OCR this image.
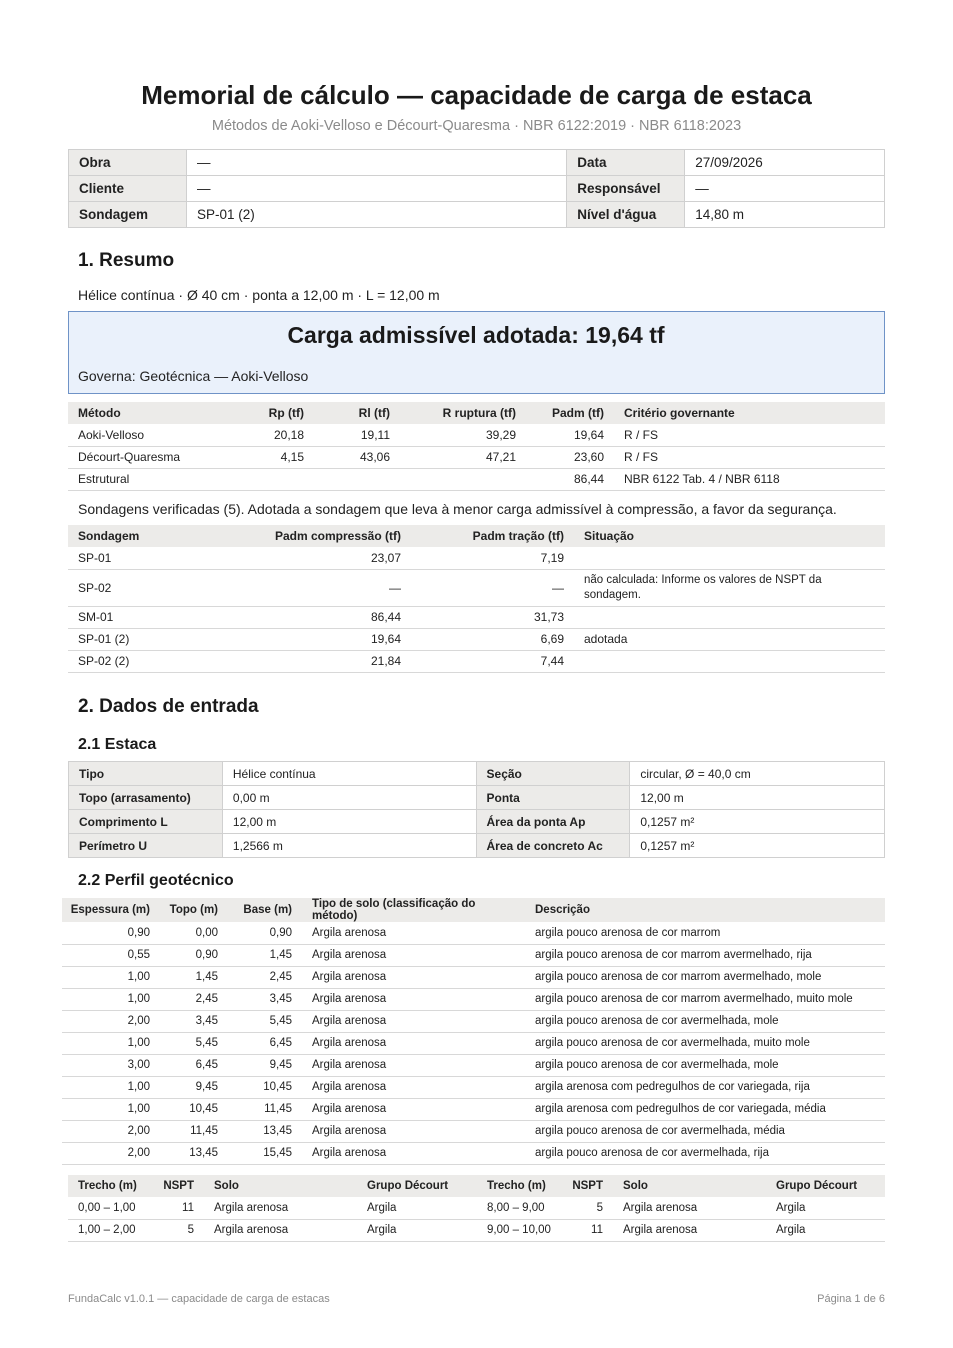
Memorial de cálculo — capacidade de carga de estaca
Métodos de Aoki-Velloso e Décourt-Quaresma · NBR 6122:2019 · NBR 6118:2023
Obra	—	Data	27/09/2026
Cliente	—	Responsável	—
Sondagem	SP-01 (2)	Nível d'água	14,80 m
1. Resumo
Hélice contínua · Ø 40 cm · ponta a 12,00 m · L = 12,00 m
Carga admissível adotada: 19,64 tf
Governa: Geotécnica — Aoki-Velloso
Método	Rp (tf)	Rl (tf)	R ruptura (tf)	Padm (tf)	Critério governante
Aoki-Velloso	20,18	19,11	39,29	19,64	R / FS
Décourt-Quaresma	4,15	43,06	47,21	23,60	R / FS
Estrutural				86,44	NBR 6122 Tab. 4 / NBR 6118
Sondagens verificadas (5). Adotada a sondagem que leva à menor carga admissível à compressão, a favor da segurança.
Sondagem	Padm compressão (tf)	Padm tração (tf)	Situação
SP-01	23,07	7,19	
SP-02	—	—	não calculada: Informe os valores de NSPT da sondagem.
SM-01	86,44	31,73	
SP-01 (2)	19,64	6,69	adotada
SP-02 (2)	21,84	7,44	
2. Dados de entrada
2.1 Estaca
Tipo	Hélice contínua	Seção	circular, Ø = 40,0 cm
Topo (arrasamento)	0,00 m	Ponta	12,00 m
Comprimento L	12,00 m	Área da ponta Ap	0,1257 m²
Perímetro U	1,2566 m	Área de concreto Ac	0,1257 m²
2.2 Perfil geotécnico
Espessura (m)	Topo (m)	Base (m)	Tipo de solo (classificação do método)	Descrição
0,90	0,00	0,90	Argila arenosa	argila pouco arenosa de cor marrom
0,55	0,90	1,45	Argila arenosa	argila pouco arenosa de cor marrom avermelhado, rija
1,00	1,45	2,45	Argila arenosa	argila pouco arenosa de cor marrom avermelhado, mole
1,00	2,45	3,45	Argila arenosa	argila pouco arenosa de cor marrom avermelhado, muito mole
2,00	3,45	5,45	Argila arenosa	argila pouco arenosa de cor avermelhada, mole
1,00	5,45	6,45	Argila arenosa	argila pouco arenosa de cor avermelhada, muito mole
3,00	6,45	9,45	Argila arenosa	argila pouco arenosa de cor avermelhada, mole
1,00	9,45	10,45	Argila arenosa	argila arenosa com pedregulhos de cor variegada, rija
1,00	10,45	11,45	Argila arenosa	argila arenosa com pedregulhos de cor variegada, média
2,00	11,45	13,45	Argila arenosa	argila pouco arenosa de cor avermelhada, média
2,00	13,45	15,45	Argila arenosa	argila pouco arenosa de cor avermelhada, rija
Trecho (m)	NSPT	Solo	Grupo Décourt	Trecho (m)	NSPT	Solo	Grupo Décourt
0,00 – 1,00	11	Argila arenosa	Argila	8,00 – 9,00	5	Argila arenosa	Argila
1,00 – 2,00	5	Argila arenosa	Argila	9,00 – 10,00	11	Argila arenosa	Argila
FundaCalc v1.0.1 — capacidade de carga de estacas	Página 1 de 6
